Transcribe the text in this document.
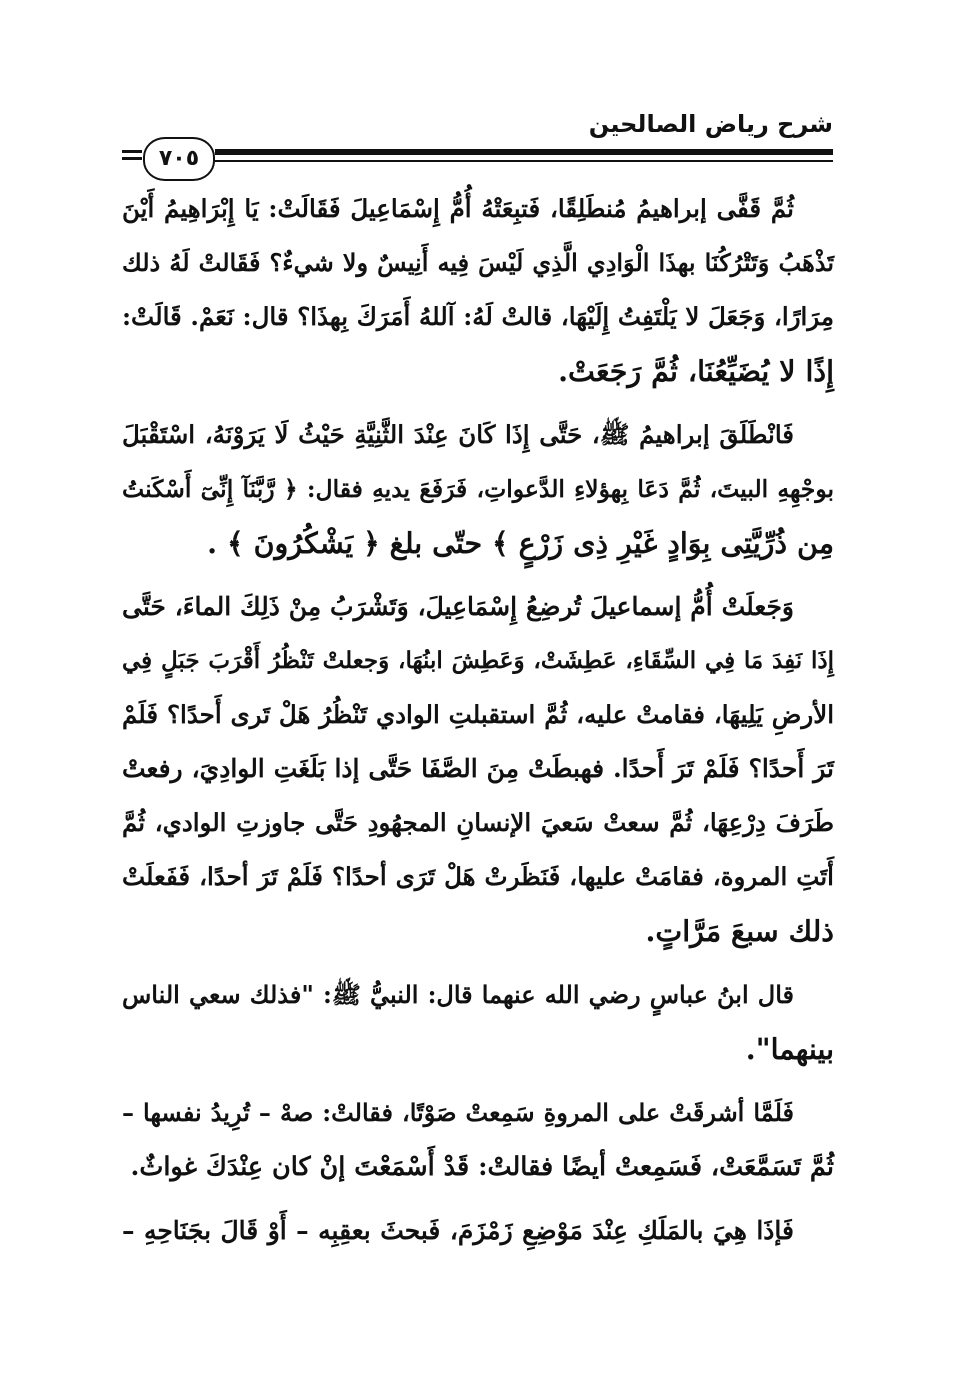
شرح رياض الصالحين
٧٠٥
ثُمَّ قَفَّى إبراهيمُ مُنطَلِقًا، فَتبِعَتْهُ أُمُّ إِسْمَاعِيلَ فَقَالَتْ: يَا إِبْرَاهِيمُ أَيْنَ
تَذْهَبُ وَتَتْرُكُنَا بهذَا الْوَادِي الَّذِي لَيْسَ فِيه أَنِيسٌ ولا شيءٌ؟ فَقَالتْ لَهُ ذلك
مِرَارًا، وَجَعَلَ لا يَلْتَفِتُ إِلَيْهَا، قالتْ لَهُ: آللهُ أَمَرَكَ بِهذَا؟ قال: نَعَمْ. قَالَتْ:
إِذًا لا يُضَيِّعُنَا، ثُمَّ رَجَعَتْ.
فَانْطَلَقَ إبراهيمُ ﷺ، حَتَّى إِذَا كَانَ عِنْدَ الثَّنِيَّةِ حَيْثُ لَا يَرَوْنَهُ، اسْتَقْبَلَ
بوجْهِهِ البيتَ، ثُمَّ دَعَا بِهؤلاءِ الدَّعواتِ، فَرَفَعَ يديهِ فقال: ﴿ رَّبَّنَآ إِنِّىٓ أَسْكَنتُ
مِن ذُرِّيَّتِى بِوَادٍ غَيْرِ ذِى زَرْعٍ ﴾ حتّى بلغ ﴿ يَشْكُرُونَ ﴾ .
وَجَعلَتْ أُمُّ إسماعيلَ تُرضِعُ إِسْمَاعِيلَ، وَتَشْرَبُ مِنْ ذَلِكَ الماءَ، حَتَّى
إِذَا نَفِدَ مَا فِي السِّقَاءِ، عَطِشَتْ، وَعَطِشَ ابنُهَا، وَجعلتْ تَنْظُرُ أَقْرَبَ جَبَلٍ فِي
الأرضِ يَلِيهَا، فقامتْ عليه، ثُمَّ استقبلتِ الوادي تَنْظُرُ هَلْ تَرى أَحدًا؟ فَلَمْ
تَرَ أَحدًا؟ فَلَمْ تَرَ أَحدًا. فهبطَتْ مِنَ الصَّفَا حَتَّى إذا بَلَغَتِ الوادِيَ، رفعتْ
طَرَفَ دِرْعِهَا، ثُمَّ سعتْ سَعيَ الإنسانِ المجهُودِ حَتَّى جاوزتِ الوادي، ثُمَّ
أَتَتِ المروة، فقامَتْ عليها، فَنَظَرتْ هَلْ تَرَى أحدًا؟ فَلَمْ تَرَ أحدًا، فَفَعلَتْ
ذلك سبعَ مَرَّاتٍ.
قال ابنُ عباسٍ رضي الله عنهما قال: النبيُّ ﷺ: "فذلك سعي الناس
بينهما".
فَلَمَّا أشرقَتْ على المروةِ سَمِعتْ صَوْتًا، فقالتْ: صهْ – تُرِيدُ نفسها –
ثُمَّ تَسَمَّعَتْ، فَسَمِعتْ أيضًا فقالتْ: قَدْ أَسْمَعْتَ إنْ كان عِنْدَكَ غواثٌ.
فَإذَا هِيَ بالمَلَكِ عِنْدَ مَوْضِعِ زَمْزَمَ، فَبحثَ بعقِبِه – أَوْ قَالَ بجَنَاحِهِ –
